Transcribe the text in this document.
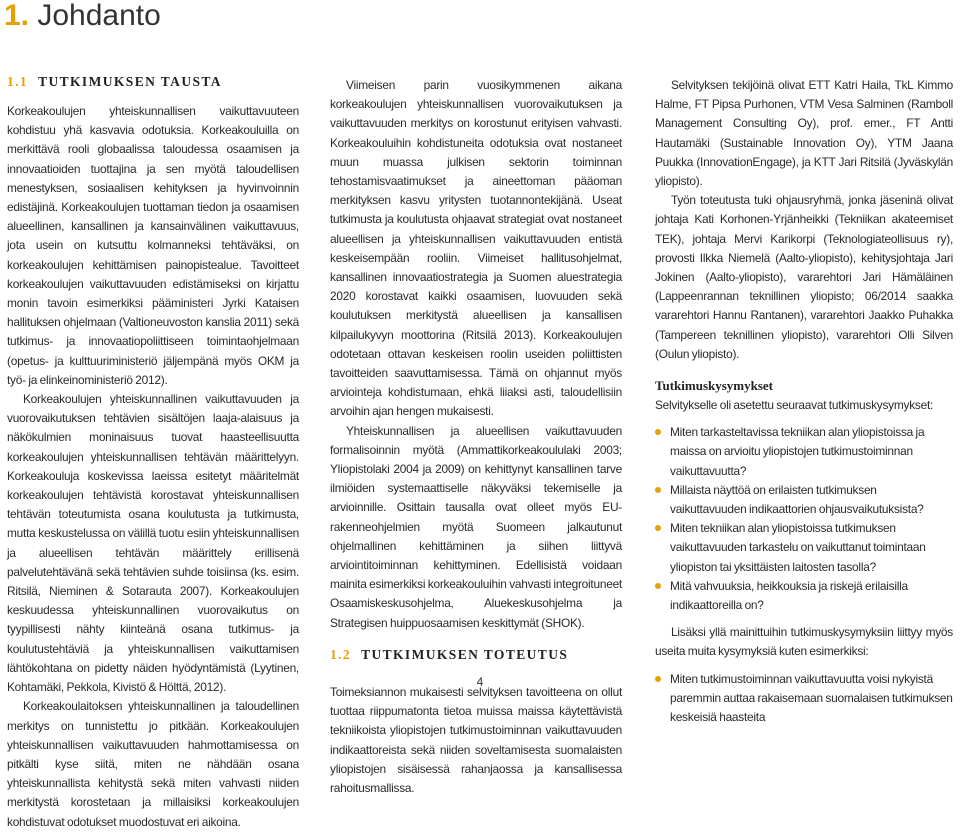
1. Johdanto
1.1 TUTKIMUKSEN TAUSTA

Korkeakoulujen yhteiskunnallisen vaikuttavuuteen kohdistuu yhä kasvavia odotuksia. Korkeakouluilla on merkittävä rooli globaalissa taloudessa osaamisen ja innovaatioiden tuottajina ja sen myötä taloudellisen menestyksen, sosiaalisen kehityksen ja hyvinvoinnin edistäjinä. Korkeakoulujen tuottaman tiedon ja osaamisen alueellinen, kansallinen ja kansainvälinen vaikuttavuus, jota usein on kutsuttu kolmanneksi tehtäväksi, on korkeakoulujen kehittämisen painopistealue. Tavoitteet korkeakoulujen vaikuttavuuden edistämiseksi on kirjattu monin tavoin esimerkiksi pääministeri Jyrki Kataisen hallituksen ohjelmaan (Valtioneuvoston kanslia 2011) sekä tutkimus- ja innovaatiopoliittiseen toimintaohjelmaan (opetus- ja kulttuuriministeriö jäljempänä myös OKM ja työ- ja elinkeinoministeriö 2012).

Korkeakoulujen yhteiskunnallinen vaikuttavuuden ja vuorovaikutuksen tehtävien sisältöjen laaja-alaisuus ja näkökulmien moninaisuus tuovat haasteellisuutta korkeakoulujen yhteiskunnallisen tehtävän määrittelyyn. Korkeakouluja koskevissa laeissa esitetyt määritelmät korkeakoulujen tehtävistä korostavat yhteiskunnallisen tehtävän toteutumista osana koulutusta ja tutkimusta, mutta keskustelussa on välillä tuotu esiin yhteiskunnallisen ja alueellisen tehtävän määrittely erillisenä palvelutehtävänä sekä tehtävien suhde toisiinsa (ks. esim. Ritsilä, Nieminen & Sotarauta 2007). Korkeakoulujen keskuudessa yhteiskunnallinen vuorovaikutus on tyypillisesti nähty kiinteänä osana tutkimus- ja koulutustehtäviä ja yhteiskunnallisen vaikuttamisen lähtökohtana on pidetty näiden hyödyntämistä (Lyytinen, Kohtamäki, Pekkola, Kivistö & Hölttä, 2012).

Korkeakoulaitoksen yhteiskunnallinen ja taloudellinen merkitys on tunnistettu jo pitkään. Korkeakoulujen yhteiskunnallisen vaikuttavuuden hahmottamisessa on pitkälti kyse siitä, miten ne nähdään osana yhteiskunnallista kehitystä sekä miten vahvasti niiden merkitystä korostetaan ja millaisiksi korkeakoulujen kohdistuvat odotukset muodostuvat eri aikoina.

Viimeisen parin vuosikymmenen aikana korkeakoulujen yhteiskunnallisen vuorovaikutuksen ja vaikuttavuuden merkitys on korostunut erityisen vahvasti. Korkeakouluihin kohdistuneita odotuksia ovat nostaneet muun muassa julkisen sektorin toiminnan tehostamisvaatimukset ja aineettoman pääoman merkityksen kasvu yritysten tuotannontekijänä. Useat tutkimusta ja koulutusta ohjaavat strategiat ovat nostaneet alueellisen ja yhteiskunnallisen vaikuttavuuden entistä keskeisempään rooliin. Viimeiset hallitusohjelmat, kansallinen innovaatiostrategia ja Suomen aluestrategia 2020 korostavat kaikki osaamisen, luovuuden sekä koulutuksen merkitystä alueellisen ja kansallisen kilpailukyvyn moottorina (Ritsilä 2013). Korkeakoulujen odotetaan ottavan keskeisen roolin useiden poliittisten tavoitteiden saavuttamisessa. Tämä on ohjannut myös arviointeja kohdistumaan, ehkä liiaksi asti, taloudellisiin arvoihin ajan hengen mukaisesti.

Yhteiskunnallisen ja alueellisen vaikuttavuuden formalisoinnin myötä (Ammattikorkeakoululaki 2003; Yliopistolaki 2004 ja 2009) on kehittynyt kansallinen tarve ilmiöiden systemaattiselle näkyväksi tekemiselle ja arvioinnille. Osittain tausalla ovat olleet myös EU-rakenneohjelmien myötä Suomeen jalkautunut ohjelmallinen kehittäminen ja siihen liittyvä arviointitoiminnan kehittyminen. Edellisistä voidaan mainita esimerkiksi korkeakouluihin vahvasti integroituneet Osaamiskeskusohjelma, Aluekeskusohjelma ja Strategisen huippuosaamisen keskittymät (SHOK).

1.2 TUTKIMUKSEN TOTEUTUS

Toimeksiannon mukaisesti selvityksen tavoitteena on ollut tuottaa riippumatonta tietoa muissa maissa käytettävistä tekniikoista yliopistojen tutkimustoiminnan vaikuttavuuden indikaattoreista sekä niiden soveltamisesta suomalaisten yliopistojen sisäisessä rahanjaossa ja kansallisessa rahoitusmallissa.

Selvityksen tekijöinä olivat ETT Katri Haila, TkL Kimmo Halme, FT Pipsa Purhonen, VTM Vesa Salminen (Ramboll Management Consulting Oy), prof. emer., FT Antti Hautamäki (Sustainable Innovation Oy), YTM Jaana Puukka (InnovationEngage), ja KTT Jari Ritsilä (Jyväskylän yliopisto).

Työn toteutusta tuki ohjausryhmä, jonka jäseninä olivat johtaja Kati Korhonen-Yrjänheikki (Tekniikan akateemiset TEK), johtaja Mervi Karikorpi (Teknologiateollisuus ry), provosti Ilkka Niemelä (Aalto-yliopisto), kehitysjohtaja Jari Jokinen (Aalto-yliopisto), vararehtori Jari Hämäläinen (Lappeenrannan teknillinen yliopisto; 06/2014 saakka vararehtori Hannu Rantanen), vararehtori Jaakko Puhakka (Tampereen teknillinen yliopisto), vararehtori Olli Silven (Oulun yliopisto).

Tutkimuskysymykset

Selvitykselle oli asetettu seuraavat tutkimuskysymykset:

Miten tarkasteltavissa tekniikan alan yliopistoissa ja maissa on arvioitu yliopistojen tutkimustoiminnan vaikuttavuutta?
Millaista näyttöä on erilaisten tutkimuksen vaikuttavuuden indikaattorien ohjausvaikutuksista?
Miten tekniikan alan yliopistoissa tutkimuksen vaikuttavuuden tarkastelu on vaikuttanut toimintaan yliopiston tai yksittäisten laitosten tasolla?
Mitä vahvuuksia, heikkouksia ja riskejä erilaisilla indikaattoreilla on?

Lisäksi yllä mainittuihin tutkimuskysymyksiin liittyy myös useita muita kysymyksiä kuten esimerkiksi:

Miten tutkimustoiminnan vaikuttavuutta voisi nykyistä paremmin auttaa rakaisemaan suomalaisen tutkimuksen keskeisiä haasteita
4
